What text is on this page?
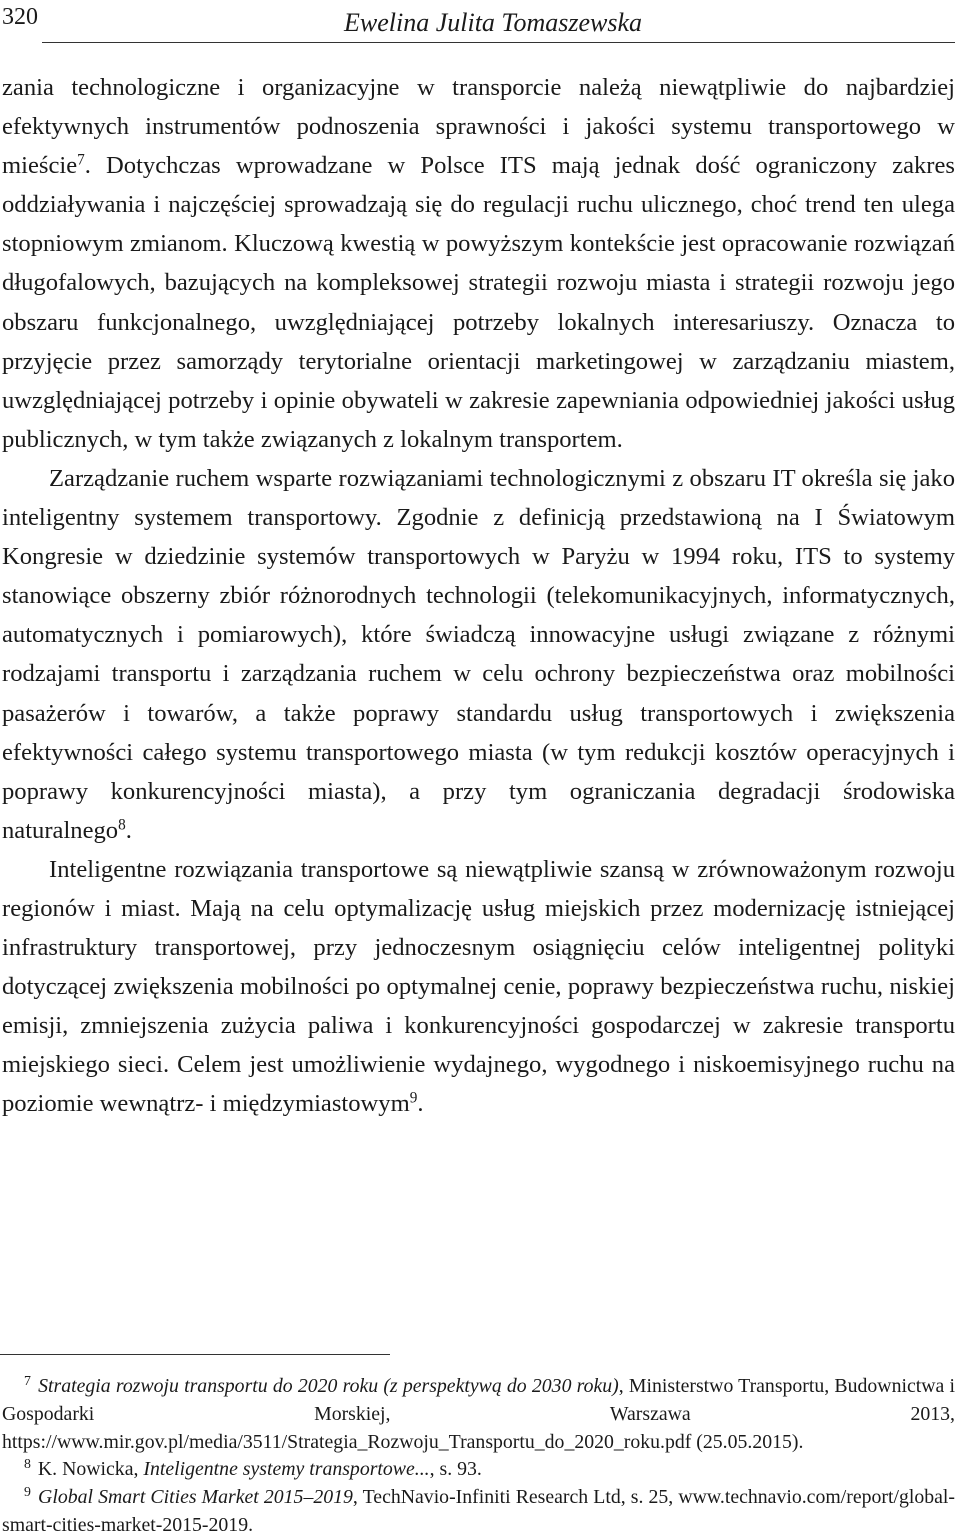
320	Ewelina Julita Tomaszewska

zania technologiczne i organizacyjne w transporcie należą niewątpliwie do najbardziej efektywnych instrumentów podnoszenia sprawności i jakości systemu transportowego w mieście$^7$. Dotychczas wprowadzane w Polsce ITS mają jednak dość ograniczony zakres oddziaływania i najczęściej sprowadzają się do regulacji ruchu ulicznego, choć trend ten ulega stopniowym zmianom. Kluczową kwestią w powyższym kontekście jest opracowanie rozwiązań długofalowych, bazujących na kompleksowej strategii rozwoju miasta i strategii rozwoju jego obszaru funkcjonalnego, uwzględniającej potrzeby lokalnych interesariuszy. Oznacza to przyjęcie przez samorządy terytorialne orientacji marketingowej w zarządzaniu miastem, uwzględniającej potrzeby i opinie obywateli w zakresie zapewniania odpowiedniej jakości usług publicznych, w tym także związanych z lokalnym transportem.

Zarządzanie ruchem wsparte rozwiązaniami technologicznymi z obszaru IT określa się jako inteligentny systemem transportowy. Zgodnie z definicją przedstawioną na I Światowym Kongresie w dziedzinie systemów transportowych w Paryżu w 1994 roku, ITS to systemy stanowiące obszerny zbiór różnorodnych technologii (telekomunikacyjnych, informatycznych, automatycznych i pomiarowych), które świadczą innowacyjne usługi związane z różnymi rodzajami transportu i zarządzania ruchem w celu ochrony bezpieczeństwa oraz mobilności pasażerów i towarów, a także poprawy standardu usług transportowych i zwiększenia efektywności całego systemu transportowego miasta (w tym redukcji kosztów operacyjnych i poprawy konkurencyjności miasta), a przy tym ograniczania degradacji środowiska naturalnego$^8$.

Inteligentne rozwiązania transportowe są niewątpliwie szansą w zrównoważonym rozwoju regionów i miast. Mają na celu optymalizację usług miejskich przez modernizację istniejącej infrastruktury transportowej, przy jednoczesnym osiągnięciu celów inteligentnej polityki dotyczącej zwiększenia mobilności po optymalnej cenie, poprawy bezpieczeństwa ruchu, niskiej emisji, zmniejszenia zużycia paliwa i konkurencyjności gospodarczej w zakresie transportu miejskiego sieci. Celem jest umożliwienie wydajnego, wygodnego i niskoemisyjnego ruchu na poziomie wewnątrz- i międzymiastowym$^9$.

$^7$ Strategia rozwoju transportu do 2020 roku (z perspektywą do 2030 roku), Ministerstwo Transportu, Budownictwa i Gospodarki Morskiej, Warszawa 2013, https://www.mir.gov.pl/media/3511/Strategia_Rozwoju_Transportu_do_2020_roku.pdf (25.05.2015).

$^8$ K. Nowicka, Inteligentne systemy transportowe..., s. 93.

$^9$ Global Smart Cities Market 2015–2019, TechNavio-Infiniti Research Ltd, s. 25, www.technavio.com/report/global-smart-cities-market-2015-2019.
